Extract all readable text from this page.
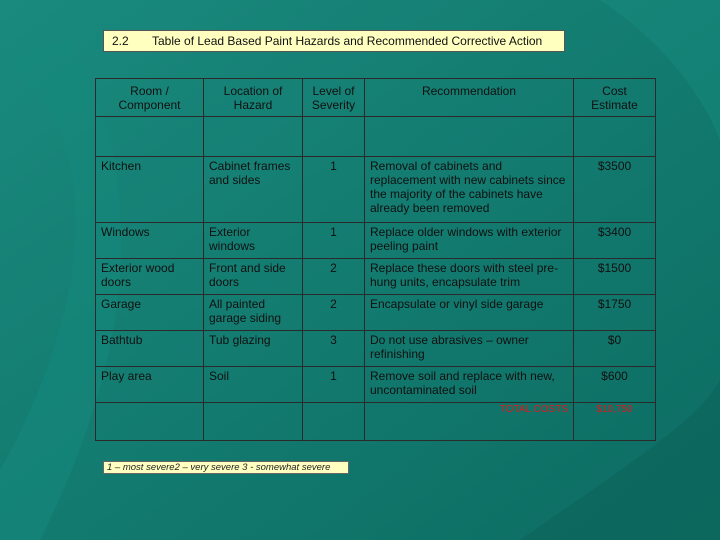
2.2	Table of Lead Based Paint Hazards and Recommended Corrective Action
Room / Component	Location of Hazard	Level of Severity	Recommendation	Cost Estimate

Kitchen	Cabinet frames and sides	1	Removal of cabinets and replacement with new cabinets since the majority of the cabinets have already been removed	$3500
Windows	Exterior windows	1	Replace older windows with exterior peeling paint	$3400
Exterior wood doors	Front and side doors	2	Replace these doors with steel pre-hung units, encapsulate trim	$1500
Garage	All painted garage siding	2	Encapsulate or vinyl side garage	$1750
Bathtub	Tub glazing	3	Do not use abrasives – owner refinishing	$0
Play area	Soil	1	Remove soil and replace with new, uncontaminated soil	$600
			TOTAL COSTS	$10,750
1 – most severe2 – very severe 3 - somewhat severe
